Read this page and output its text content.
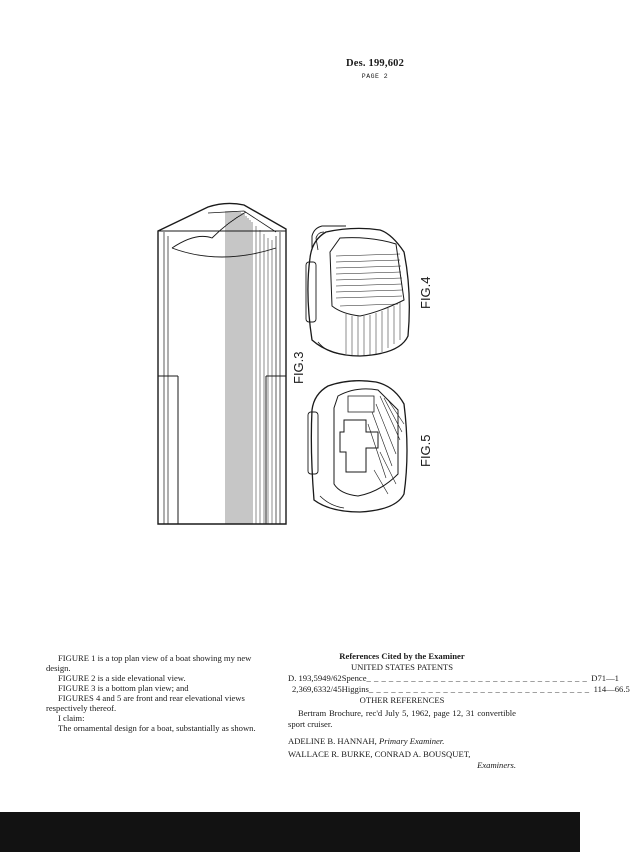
Des. 199,602
PAGE 2
FIG.3
FIG.4
FIG.5

FIGURE 1 is a top plan view of a boat showing my new design.

FIGURE 2 is a side elevational view.

FIGURE 3 is a bottom plan view; and

FIGURES 4 and 5 are front and rear elevational views respectively thereof.

I claim:

The ornamental design for a boat, substantially as shown.

References Cited by the Examiner
UNITED STATES PATENTS
D. 193,594 9/62 Spence _ _ _ _ _ _ _ _ _ _ _ _ _ _ _ _ _ _ _ _ _ _ _ _ _ _ _ _ _ _ D71—1
2,369,633 2/45 Higgins _ _ _ _ _ _ _ _ _ _ _ _ _ _ _ _ _ _ _ _ _ _ _ _ _ _ _ _ _ _ 114—66.5
OTHER REFERENCES

Bertram Brochure, rec'd July 5, 1962, page 12, 31 convertible sport cruiser.

ADELINE B. HANNAH, Primary Examiner.
WALLACE R. BURKE, CONRAD A. BOUSQUET,
Examiners.
